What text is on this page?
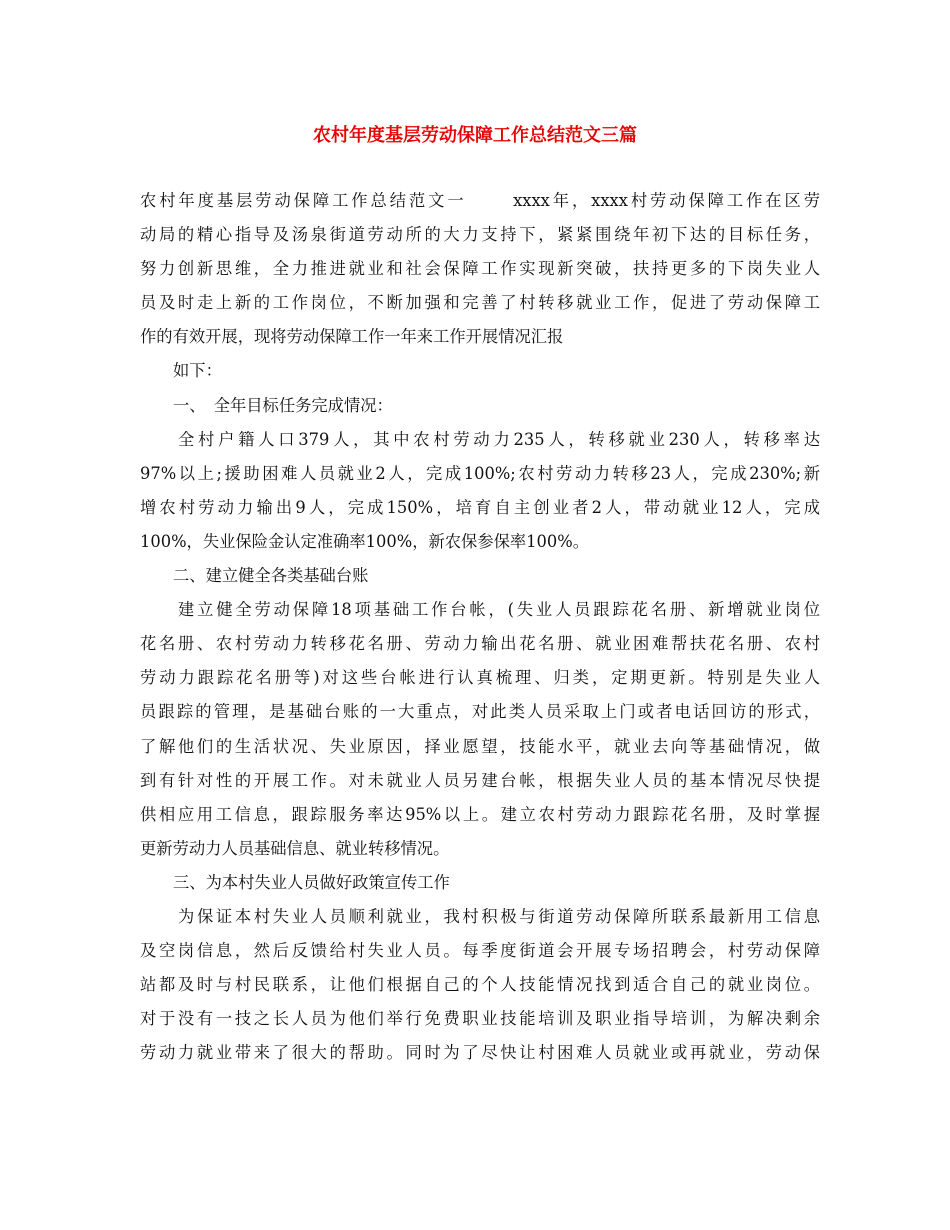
农村年度基层劳动保障工作总结范文三篇
农村年度基层劳动保障工作总结范文一　　 xxxx年，xxxx村劳动保障工作在区劳
动局的精心指导及汤泉街道劳动所的大力支持下，紧紧围绕年初下达的目标任务，
努力创新思维，全力推进就业和社会保障工作实现新突破，扶持更多的下岗失业人
员及时走上新的工作岗位，不断加强和完善了村转移就业工作，促进了劳动保障工
作的有效开展，现将劳动保障工作一年来工作开展情况汇报
如下：
一、　全年目标任务完成情况：
全村户籍人口379人，其中农村劳动力235人，转移就业230人，转移率达
97%以上;援助困难人员就业2人，完成100%;农村劳动力转移23人，完成230%;新
增农村劳动力输出9人，完成150%，培育自主创业者2人，带动就业12人，完成
100%，失业保险金认定准确率100%，新农保参保率100%。
二、建立健全各类基础台账
建立健全劳动保障18项基础工作台帐，(失业人员跟踪花名册、新增就业岗位
花名册、农村劳动力转移花名册、劳动力输出花名册、就业困难帮扶花名册、农村
劳动力跟踪花名册等)对这些台帐进行认真梳理、归类，定期更新。特别是失业人
员跟踪的管理，是基础台账的一大重点，对此类人员采取上门或者电话回访的形式，
了解他们的生活状况、失业原因，择业愿望，技能水平，就业去向等基础情况，做
到有针对性的开展工作。对未就业人员另建台帐，根据失业人员的基本情况尽快提
供相应用工信息，跟踪服务率达95%以上。建立农村劳动力跟踪花名册，及时掌握
更新劳动力人员基础信息、就业转移情况。
三、为本村失业人员做好政策宣传工作
为保证本村失业人员顺利就业，我村积极与街道劳动保障所联系最新用工信息
及空岗信息，然后反馈给村失业人员。每季度街道会开展专场招聘会，村劳动保障
站都及时与村民联系，让他们根据自己的个人技能情况找到适合自己的就业岗位。
对于没有一技之长人员为他们举行免费职业技能培训及职业指导培训，为解决剩余
劳动力就业带来了很大的帮助。同时为了尽快让村困难人员就业或再就业，劳动保
